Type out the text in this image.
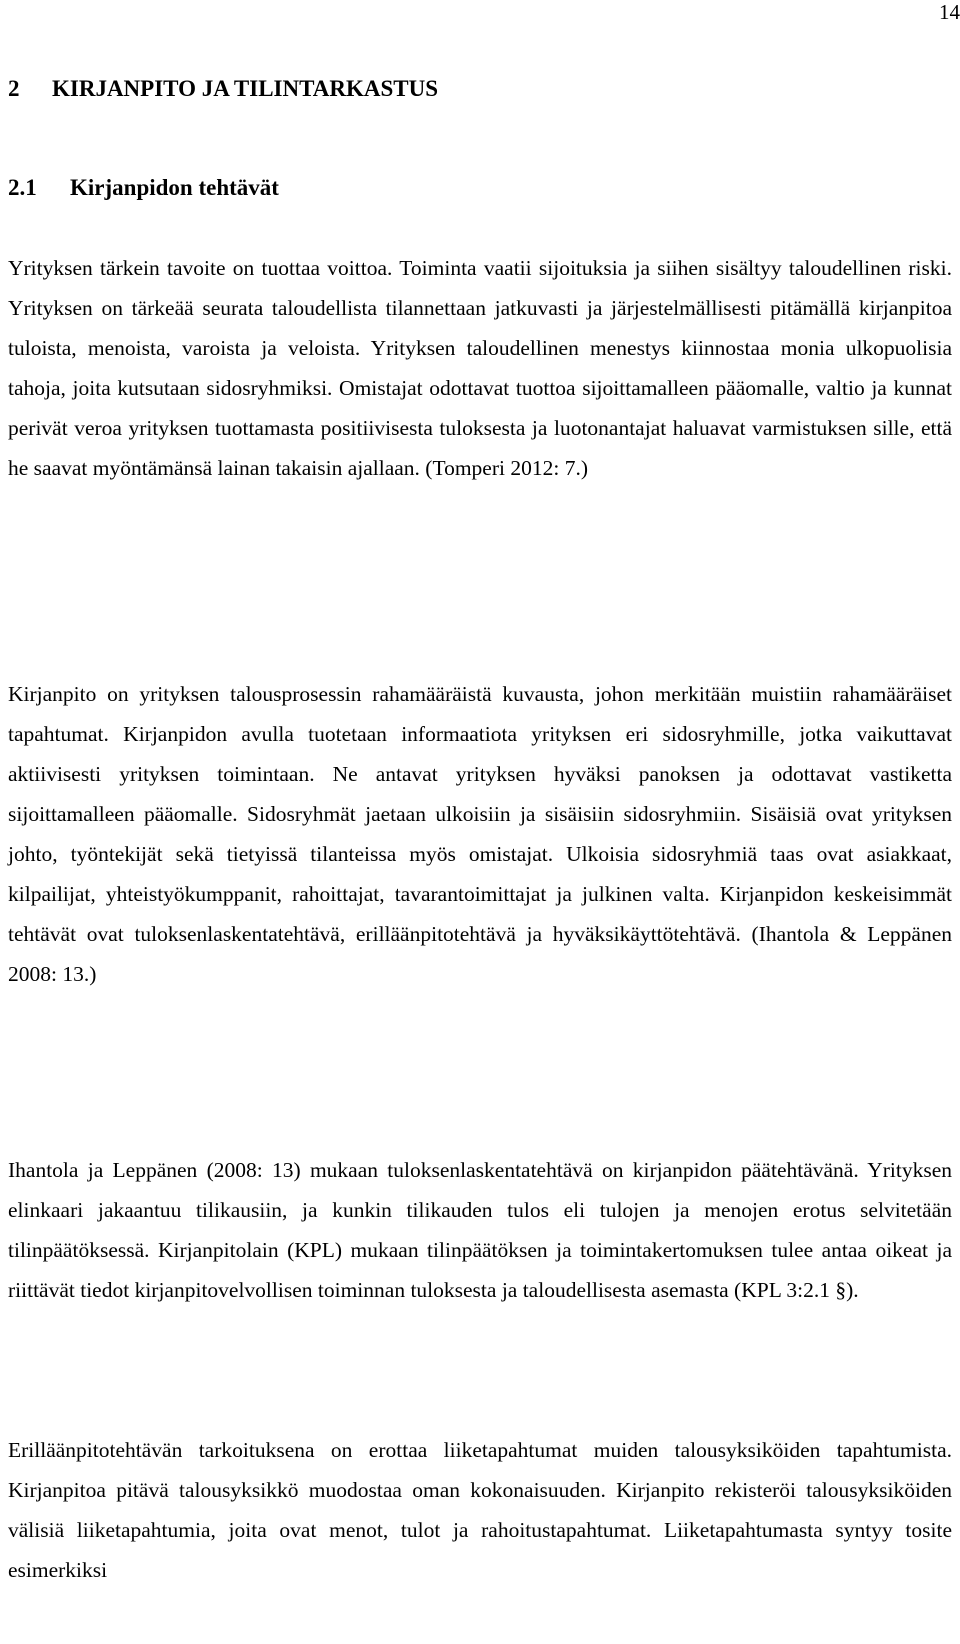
14

2 KIRJANPITO JA TILINTARKASTUS
2.1 Kirjanpidon tehtävät

Yrityksen tärkein tavoite on tuottaa voittoa. Toiminta vaatii sijoituksia ja siihen sisältyy taloudellinen riski. Yrityksen on tärkeää seurata taloudellista tilannettaan jatkuvasti ja järjestelmällisesti pitämällä kirjanpitoa tuloista, menoista, varoista ja veloista. Yrityksen taloudellinen menestys kiinnostaa monia ulkopuolisia tahoja, joita kutsutaan sidosryhmiksi. Omistajat odottavat tuottoa sijoittamalleen pääomalle, valtio ja kunnat perivät veroa yrityksen tuottamasta positiivisesta tuloksesta ja luotonantajat haluavat varmistuksen sille, että he saavat myöntämänsä lainan takaisin ajallaan. (Tomperi 2012: 7.)

Kirjanpito on yrityksen talousprosessin rahamääräistä kuvausta, johon merkitään muistiin rahamääräiset tapahtumat. Kirjanpidon avulla tuotetaan informaatiota yrityksen eri sidosryhmille, jotka vaikuttavat aktiivisesti yrityksen toimintaan. Ne antavat yrityksen hyväksi panoksen ja odottavat vastiketta sijoittamalleen pääomalle. Sidosryhmät jaetaan ulkoisiin ja sisäisiin sidosryhmiin. Sisäisiä ovat yrityksen johto, työntekijät sekä tietyissä tilanteissa myös omistajat. Ulkoisia sidosryhmiä taas ovat asiakkaat, kilpailijat, yhteistyökumppanit, rahoittajat, tavarantoimittajat ja julkinen valta. Kirjanpidon keskeisimmät tehtävät ovat tuloksenlaskentatehtävä, erilläänpitotehtävä ja hyväksikäyttötehtävä. (Ihantola & Leppänen 2008: 13.)

Ihantola ja Leppänen (2008: 13) mukaan tuloksenlaskentatehtävä on kirjanpidon päätehtävänä. Yrityksen elinkaari jakaantuu tilikausiin, ja kunkin tilikauden tulos eli tulojen ja menojen erotus selvitetään tilinpäätöksessä. Kirjanpitolain (KPL) mukaan tilinpäätöksen ja toimintakertomuksen tulee antaa oikeat ja riittävät tiedot kirjanpitovelvollisen toiminnan tuloksesta ja taloudellisesta asemasta (KPL 3:2.1 §).

Erilläänpitotehtävän tarkoituksena on erottaa liiketapahtumat muiden talousyksiköiden tapahtumista. Kirjanpitoa pitävä talousyksikkö muodostaa oman kokonaisuuden. Kirjanpito rekisteröi talousyksiköiden välisiä liiketapahtumia, joita ovat menot, tulot ja rahoitustapahtumat. Liiketapahtumasta syntyy tosite esimerkiksi
